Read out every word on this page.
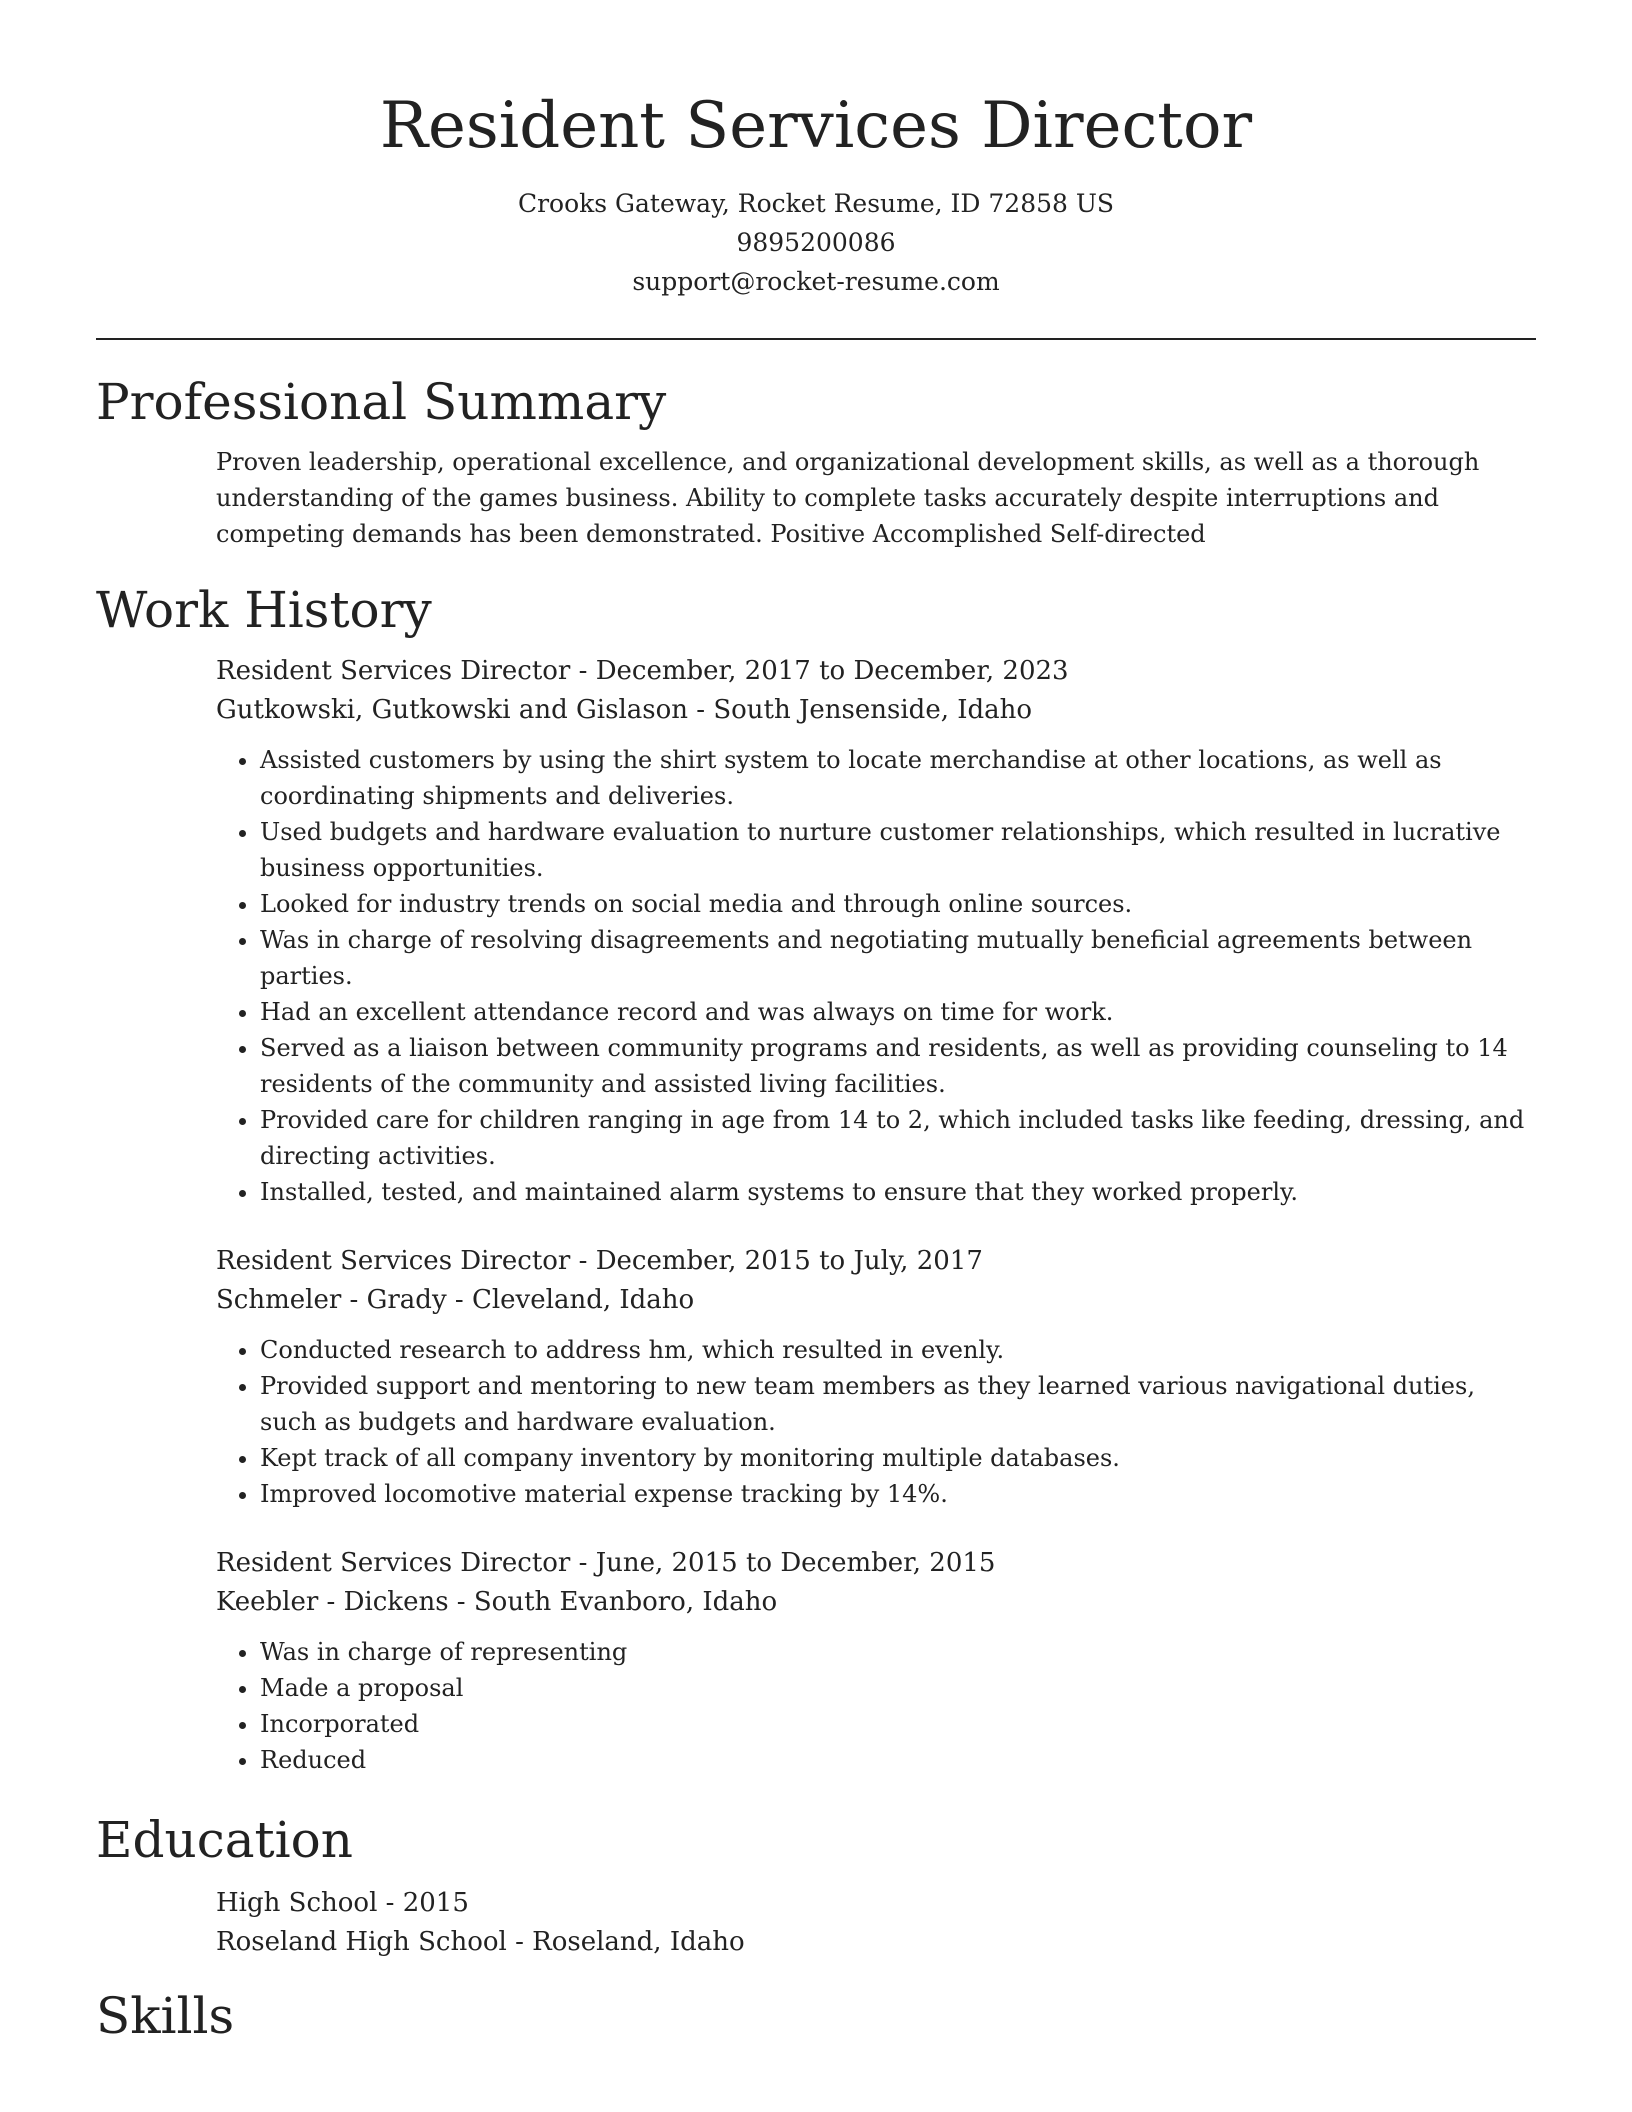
Resident Services Director
Crooks Gateway, Rocket Resume, ID 72858 US
9895200086
support@rocket-resume.com
Professional Summary

Proven leadership, operational excellence, and organizational development skills, as well as a thorough understanding of the games business. Ability to complete tasks accurately despite interruptions and competing demands has been demonstrated. Positive Accomplished Self-directed

Work History
Resident Services Director - December, 2017 to December, 2023
Gutkowski, Gutkowski and Gislason - South Jensenside, Idaho
• Assisted customers by using the shirt system to locate merchandise at other locations, as well as coordinating shipments and deliveries.
• Used budgets and hardware evaluation to nurture customer relationships, which resulted in lucrative business opportunities.
• Looked for industry trends on social media and through online sources.
• Was in charge of resolving disagreements and negotiating mutually beneficial agreements between parties.
• Had an excellent attendance record and was always on time for work.
• Served as a liaison between community programs and residents, as well as providing counseling to 14 residents of the community and assisted living facilities.
• Provided care for children ranging in age from 14 to 2, which included tasks like feeding, dressing, and directing activities.
• Installed, tested, and maintained alarm systems to ensure that they worked properly.
Resident Services Director - December, 2015 to July, 2017
Schmeler - Grady - Cleveland, Idaho
• Conducted research to address hm, which resulted in evenly.
• Provided support and mentoring to new team members as they learned various navigational duties, such as budgets and hardware evaluation.
• Kept track of all company inventory by monitoring multiple databases.
• Improved locomotive material expense tracking by 14%.
Resident Services Director - June, 2015 to December, 2015
Keebler - Dickens - South Evanboro, Idaho
• Was in charge of representing
• Made a proposal
• Incorporated
• Reduced
Education
High School - 2015
Roseland High School - Roseland, Idaho
Skills
